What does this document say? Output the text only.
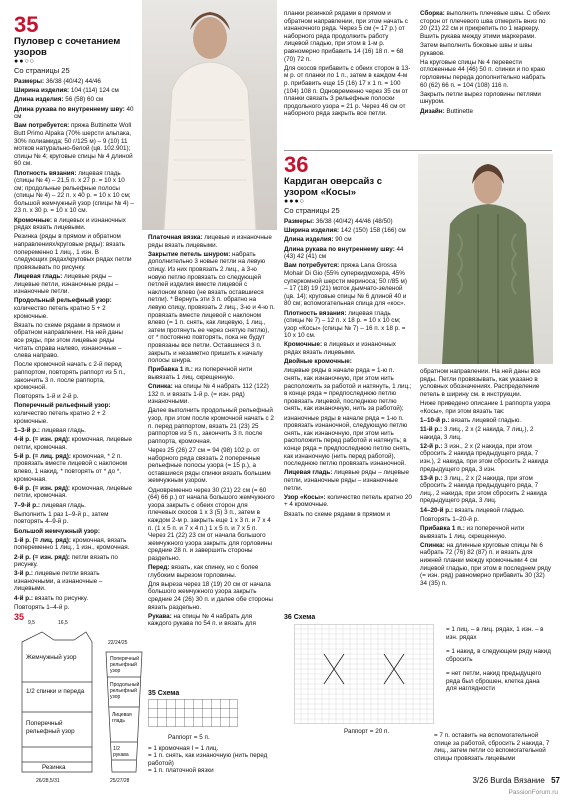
35
Пуловер с сочетанием узоров
●●○○
Со страницы 25

Размеры: 36/38 (40/42) 44/46

Ширина изделия: 104 (114) 124 см

Длина изделия: 56 (58) 60 см

Длина рукава по внутреннему шву: 40 см

Вам потребуется: пряжа Buttinette Woll Butt Primo Alpaka (70% шерсти альпака, 30% полиамида; 50 г/125 м) – 9 (10) 11 мотков натурально-белой (цв. 102.901); спицы № 4; круговые спицы № 4 длиной 60 см.

Плотность вязания: лицевая гладь (спицы № 4) – 21,5 п. x 27 р. = 10 x 10 см; продольные рельефные полосы (спицы № 4) – 22 п. x 40 р. = 10 x 10 см; большой жемчужный узор (спицы № 4) – 23 п. x 30 р. = 10 x 10 см.

Кромочные: в лицевых и изнаночных рядах вязать лицевыми.

Резинка (ряды в прямом и обратном направлениях/круговые ряды): вязать попеременно 1 лиц., 1 изн. В следующих рядах/круговых рядах петли провязывать по рисунку.

Лицевая гладь: лицевые ряды – лицевые петли, изнаночные ряды – изнаночные петли.

Продольный рельефный узор: количество петель кратно 5 + 2 кромочные.

Вязать по схеме рядами в прямом и обратном направлении. На ней даны все ряды, при этом лицевые ряды читать справа налево, изнаночные – слева направо.

После кромочной начать с 2-й перед раппортом, повторять раппорт из 5 п., закончить 3 п. после раппорта, кромочной.

Повторять 1-й и 2-й р.

Поперечный рельефный узор: количество петель кратно 2 + 2 кромочные.

1–3-й р.: лицевая гладь.

4-й р. (= изн. ряд): кромочная, лицевые петли, кромочная.

5-й р. (= лиц. ряд): кромочная, * 2 п. провязать вместе лицевой с наклоном влево, 1 накид, * повторять от * до *, кромочная.

6-й р. (= изн. ряд): кромочная, лицевые петли, кромочная.

7–9-й р.: лицевая гладь.

Выполнить 1 раз 1–9-й р., затем повторять 4–9-й р.

Большой жемчужный узор:

1-й р. (= лиц. ряд): кромочная, вязать попеременно 1 лиц., 1 изн., кромочная.

2-й р. (= изн. ряд): петли вязать по рисунку.

3-й р.: лицевые петли вязать изнаночными, а изнаночные – лицевыми.

4-й р.: вязать по рисунку.

Повторять 1–4-й р.

35
Жемчужный узор
1/2 спинки и переда
Поперечный рельефный узор
Резинка
Поперечный рельефный узор
Продольный рельефный узор
Лицевая гладь
1/2 рукава
9,5	16,5
26/28,5/31	25/27/28
22/24/25

Платочная вязка: лицевые и изнаночные ряды вязать лицевыми.

Закрытие петель шнуром: набрать дополнительно 3 новые петли на левую спицу. Из них провязать 2 лиц., а 3-ю новую петлю провязать со следующей петлей изделия вместе лицевой с наклоном влево (не вязать оставшиеся петли). * Вернуть эти 3 п. обратно на левую спицу, провязать 2 лиц., 3-ю и 4-ю п. провязать вместе лицевой с наклоном влево (= 1 п. снять, как лицевую, 1 лиц., затем протянуть ее через снятую петлю), от * постоянно повторять, пока не будут провязаны все петли. Оставшиеся 3 п. закрыть и незаметно пришить к началу полосы шнура.

Прибавка 1 п.: из поперечной нити вывязать 1 лиц. скрещенную.

Спинка: на спицы № 4 набрать 112 (122) 132 п. и вязать 1-й р. (= изн. ряд) изнаночными.

Далее выполнить продольный рельефный узор, при этом после кромочной начать с 2 п. перед раппортом, вязать 21 (23) 25 раппортов из 5 п., закончить 3 п. после раппорта, кромочная.

Через 25 (26) 27 см = 94 (98) 102 р. от наборного ряда связать 2 поперечные рельефные полосы узора (= 15 р.), а оставшиеся ряды спинки вязать большим жемчужным узором.

Одновременно через 30 (21) 22 см (= 60 (64) 66 р.) от начала большого жемчужного узора закрыть с обеих сторон для плечевых скосов 1 x 3 (5) 3 п., затем в каждом 2-м р. закрыть еще 1 x 3 п. и 7 x 4 п. (1 x 5 п. и 7 x 4 п.) 1 x 5 п. и 7 x 5 п. Через 21 (22) 23 см от начала большого жемчужного узора закрыть для горловины средние 28 п. и завершить стороны раздельно.

Перед: вязать, как спинку, но с более глубоким вырезом горловины.

Для выреза через 18 (19) 20 см от начала большого жемчужного узора закрыть средние 24 (26) 30 п. и далее обе стороны вязать раздельно.

Рукава: на спицы № 4 набрать для каждого рукава по 54 п. и вязать для

35 Схема
Раппорт = 5 п.
= 1 кромочная I = 1 лиц.
= 1 п. снять, как изнаночную (нить перед работой)
= 1 п. платочной вязки

планки резинкой рядами в прямом и обратном направлении, при этом начать с изнаночного ряда. Через 5 см (= 17 р.) от наборного ряда продолжить работу лицевой гладью, при этом в 1-м р. равномерно прибавить 14 (16) 18 п. = 68 (70) 72 п.

Для скосов прибавить с обеих сторон в 13-м р. от планки по 1 п., затем в каждом 4-м р. прибавить еще 15 (16) 17 x 1 п. = 100 (104) 108 п. Одновременно через 35 см от планки связать 3 рельефные полоски продольного узора = 21 р. Через 46 см от наборного ряда закрыть все петли.

Сборка: выполнить плечевые швы. С обеих сторон от плечевого шва отмерить вниз по 20 (21) 22 см и прикрепить по 1 маркеру. Вшить рукава между этими маркерами.

Затем выполнить боковые швы и швы рукавов.

На круговые спицы № 4 перевести отложенные 44 (46) 50 п. спинки и по краю горловины переда дополнительно набрать 60 (62) 66 п. = 104 (108) 116 п.

Закрыть петли вырез горловины петлями шнуром.

Дизайн: Buttinette

36
Кардиган оверсайз с узором «Косы»
●●●○
Со страницы 25

Размеры: 36/38 (40/42) 44/46 (48/50)

Ширина изделия: 142 (150) 158 (166) см

Длина изделия: 90 см

Длина рукава по внутреннему шву: 44 (43) 42 (41) см

Вам потребуется: пряжа Lana Grossa Mohair Di Gio (55% суперкидмохера, 45% суперкомной шерсти мериноса; 50 г/85 м) – 17 (18) 19 (21) моток дымчато-зеленой (цв. 14); круговые спицы № 6 длиной 40 и 80 см; вспомогательная спица для «кос».

Плотность вязания: лицевая гладь (спицы № 7) – 12 п. x 18 р. = 10 x 10 см; узор «Косы» (спицы № 7) – 16 п. x 18 р. = 10 x 10 см.

Кромочные: в лицевых и изнаночных рядах вязать лицевыми.

Двойные кромочные:

лицевые ряды в начале ряда = 1-ю п. снять, как изнаночную, при этом нить расположить за работой и натянуть, 1 лиц.; в конце ряда = предпоследнюю петлю провязать лицевой, последнюю петлю снять, как изнаночную, нить за работой);

изнаночные ряды в начале ряда = 1-ю п. провязать изнаночной, следующую петлю снять, как изнаночную, при этом нить расположить перед работой и натянуть; в конце ряда = предпоследнюю петлю снять, как изнаночную (нить перед работой), последнюю петлю провязать изнаночной.

Лицевая гладь: лицевые ряды – лицевые петли, изнаночные ряды – изнаночные петли.

Узор «Косы»: количество петель кратно 20 + 4 кромочные.

Вязать по схеме рядами в прямом и

обратном направлении. На ней даны все ряды. Петли провязывать, как указано в условных обозначениях. Распределение петель в ширину см. в инструкции.

Нижe приведено описание 1 раппорта узора «Косы», при этом вязать так:

1–10-й р.: вязать лицевой гладью.

11-й р.: 3 лиц., 2 x (2 накида, 7 лиц.), 2 накида, 3 лиц.

12-й р.: 3 изн., 2 x (2 накида, при этом сбросить 2 накида предыдущего ряда, 7 изн.), 2 накида, при этом сбросить 2 накида предыдущего ряда, 3 изн.

13-й р.: 3 лиц., 2 x (2 накида, при этом сбросить 2 накида предыдущего ряда, 7 лиц., 2 накида, при этом сбросить 2 накида предыдущего ряда, 3 лиц.

14–20-й р.: вязать лицевой гладью.

Повторять 1–20-й р.

Прибавка 1 п.: из поперечной нити вывязать 1 лиц. скрещенную.

Спинка: на длинные круговые спицы № 6 набрать 72 (76) 82 (87) п. и вязать для нижней планки между кромочными 4 см лицевой гладью, при этом в последнем ряду (= изн. ряд) равномерно прибавить 30 (32) 34 (35) п.

36 Схема
Раппорт = 20 п.
= 1 лиц. – в лиц. рядах, 1 изн. – в изн. рядах
= 1 накид, в следующем ряду накид сбросить
= нет петли, накид предыдущего ряда был сброшен, клетка дана для наглядности
= 7 п. оставить на вспомогательной спице за работой, сбросить 2 накида, 7 лиц., затем петли со вспомогательной спицы провязать лицевыми
3/26 Burda Вязание 57
PassionForum.ru
